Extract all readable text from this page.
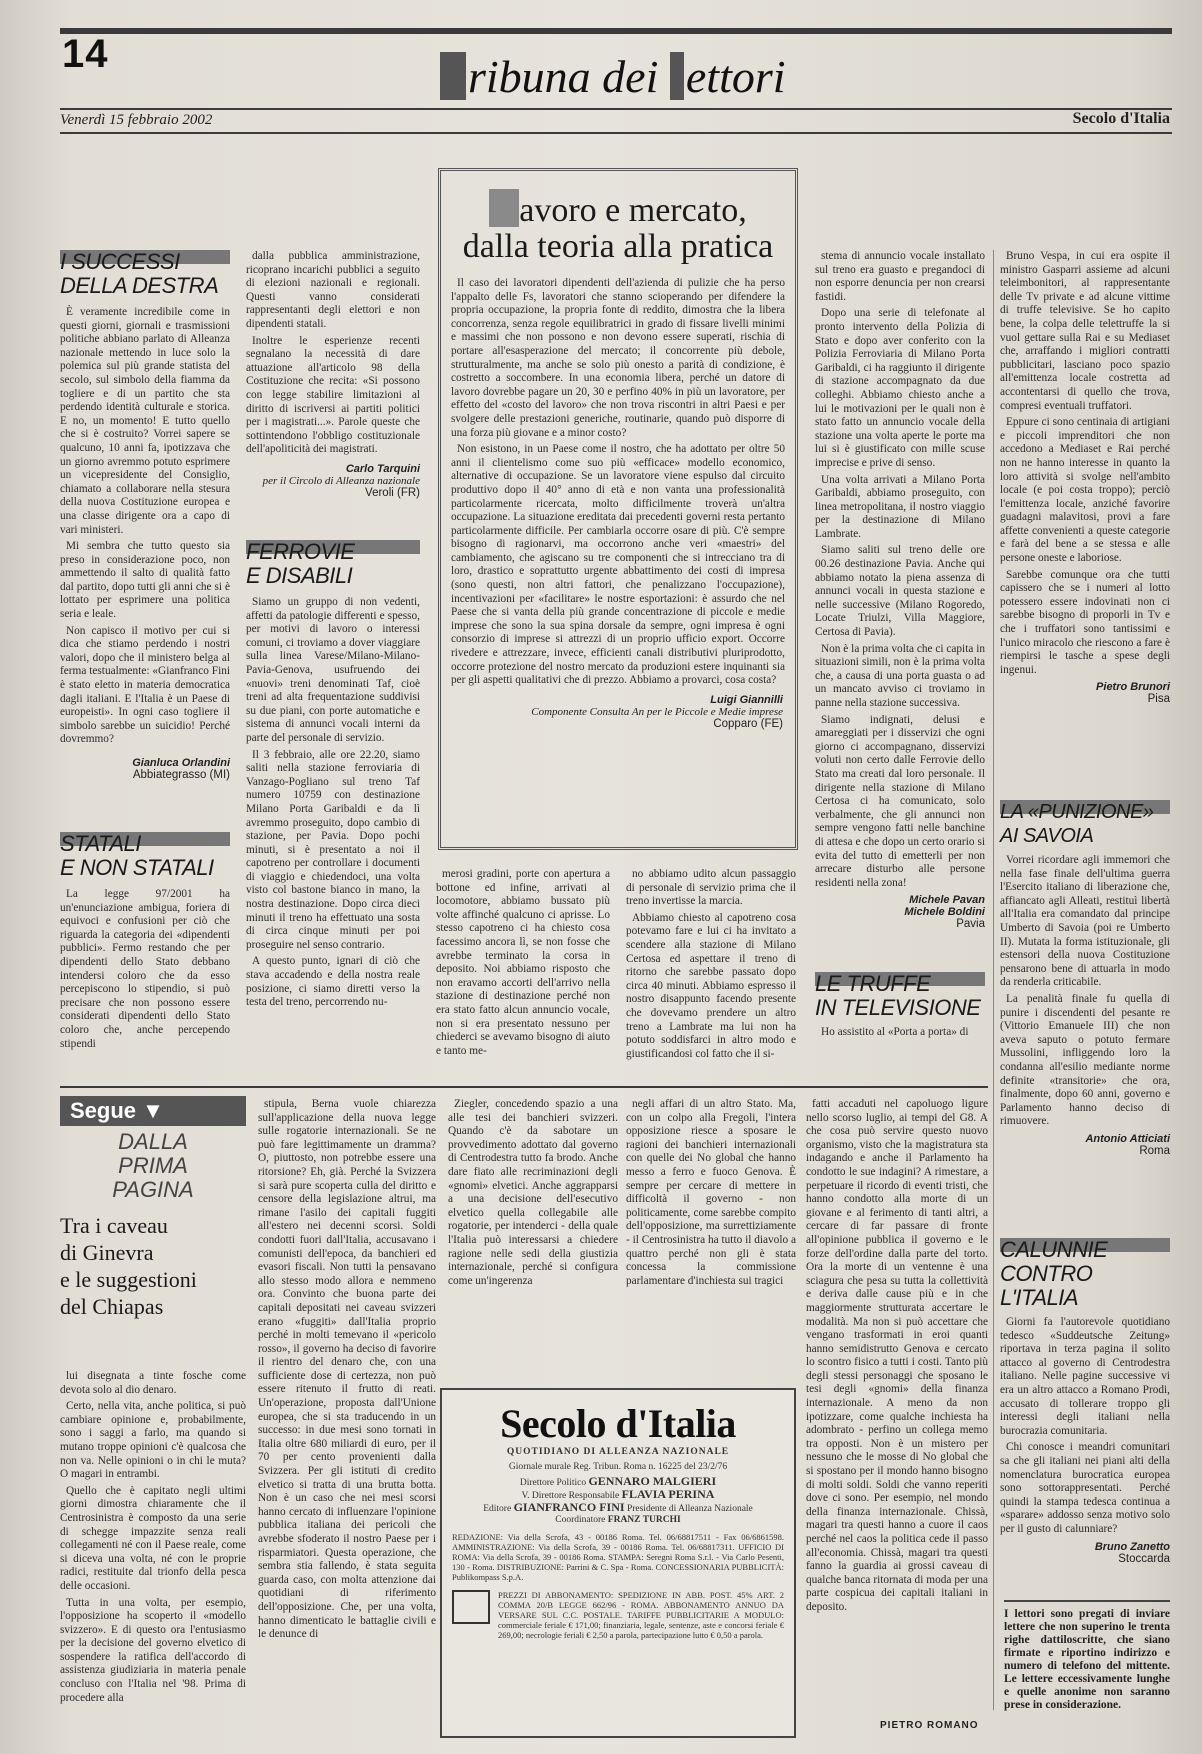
14	ribuna dei ettori
Venerdì 15 febbraio 2002	Secolo d'Italia
I SUCCESSI
DELLA DESTRA

È veramente incredibile come in questi giorni, giornali e trasmissioni politiche abbiano parlato di Alleanza nazionale mettendo in luce solo la polemica sul più grande statista del secolo, sul simbolo della fiamma da togliere e di un partito che sta perdendo identità culturale e storica. E no, un momento! E tutto quello che si è costruito? Vorrei sapere se qualcuno, 10 anni fa, ipotizzava che un giorno avremmo potuto esprimere un vicepresidente del Consiglio, chiamato a collaborare nella stesura della nuova Costituzione europea e una classe dirigente ora a capo di vari ministeri.

Mi sembra che tutto questo sia preso in considerazione poco, non ammettendo il salto di qualità fatto dal partito, dopo tutti gli anni che si è lottato per esprimere una politica seria e leale.

Non capisco il motivo per cui si dica che stiamo perdendo i nostri valori, dopo che il ministero belga al ferma testualmente: «Gianfranco Fini è stato eletto in materia democratica dagli italiani. E l'Italia è un Paese di europeisti». In ogni caso togliere il simbolo sarebbe un suicidio! Perché dovremmo?

Gianluca Orlandini
Abbiategrasso (MI)
STATALI
E NON STATALI

La legge 97/2001 ha un'enunciazione ambigua, foriera di equivoci e confusioni per ciò che riguarda la categoria dei «dipendenti pubblici». Fermo restando che per dipendenti dello Stato debbano intendersi coloro che da esso percepiscono lo stipendio, si può precisare che non possono essere considerati dipendenti dello Stato coloro che, anche percependo stipendi

dalla pubblica amministrazione, ricoprano incarichi pubblici a seguito di elezioni nazionali e regionali. Questi vanno considerati rappresentanti degli elettori e non dipendenti statali.

Inoltre le esperienze recenti segnalano la necessità di dare attuazione all'articolo 98 della Costituzione che recita: «Si possono con legge stabilire limitazioni al diritto di iscriversi ai partiti politici per i magistrati...». Parole queste che sottintendono l'obbligo costituzionale dell'apoliticità dei magistrati.

Carlo Tarquini
per il Circolo di Alleanza nazionale
Veroli (FR)
FERROVIE
E DISABILI

Siamo un gruppo di non vedenti, affetti da patologie differenti e spesso, per motivi di lavoro o interessi comuni, ci troviamo a dover viaggiare sulla linea Varese/Milano-Milano-Pavia-Genova, usufruendo dei «nuovi» treni denominati Taf, cioè treni ad alta frequentazione suddivisi su due piani, con porte automatiche e sistema di annunci vocali interni da parte del personale di servizio.

Il 3 febbraio, alle ore 22.20, siamo saliti nella stazione ferroviaria di Vanzago-Pogliano sul treno Taf numero 10759 con destinazione Milano Porta Garibaldi e da lì avremmo proseguito, dopo cambio di stazione, per Pavia. Dopo pochi minuti, si è presentato a noi il capotreno per controllare i documenti di viaggio e chiedendoci, una volta visto col bastone bianco in mano, la nostra destinazione. Dopo circa dieci minuti il treno ha effettuato una sosta di circa cinque minuti per poi proseguire nel senso contrario.

A questo punto, ignari di ciò che stava accadendo e della nostra reale posizione, ci siamo diretti verso la testa del treno, percorrendo nu-

avoro e mercato,
dalla teoria alla pratica

Il caso dei lavoratori dipendenti dell'azienda di pulizie che ha perso l'appalto delle Fs, lavoratori che stanno scioperando per difendere la propria occupazione, la propria fonte di reddito, dimostra che la libera concorrenza, senza regole equilibratrici in grado di fissare livelli minimi e massimi che non possono e non devono essere superati, rischia di portare all'esasperazione del mercato; il concorrente più debole, strutturalmente, ma anche se solo più onesto a parità di condizione, è costretto a soccombere. In una economia libera, perché un datore di lavoro dovrebbe pagare un 20, 30 e perfino 40% in più un lavoratore, per effetto del «costo del lavoro» che non trova riscontri in altri Paesi e per svolgere delle prestazioni generiche, routinarie, quando può disporre di una forza più giovane e a minor costo?

Non esistono, in un Paese come il nostro, che ha adottato per oltre 50 anni il clientelismo come suo più «efficace» modello economico, alternative di occupazione. Se un lavoratore viene espulso dal circuito produttivo dopo il 40° anno di età e non vanta una professionalità particolarmente ricercata, molto difficilmente troverà un'altra occupazione. La situazione ereditata dai precedenti governi resta pertanto particolarmente difficile. Per cambiarla occorre osare di più. C'è sempre bisogno di ragionarvi, ma occorrono anche veri «maestri» del cambiamento, che agiscano su tre componenti che si intrecciano tra di loro, drastico e soprattutto urgente abbattimento dei costi di impresa (sono questi, non altri fattori, che penalizzano l'occupazione), incentivazioni per «facilitare» le nostre esportazioni: è assurdo che nel Paese che si vanta della più grande concentrazione di piccole e medie imprese che sono la sua spina dorsale da sempre, ogni impresa è ogni consorzio di imprese si attrezzi di un proprio ufficio export. Occorre rivedere e attrezzare, invece, efficienti canali distributivi pluriprodotto, occorre protezione del nostro mercato da produzioni estere inquinanti sia per gli aspetti qualitativi che di prezzo. Abbiamo a provarci, cosa costa?

Luigi Giannilli
Componente Consulta An per le Piccole e Medie imprese
Copparo (FE)

merosi gradini, porte con apertura a bottone ed infine, arrivati al locomotore, abbiamo bussato più volte affinché qualcuno ci aprisse. Lo stesso capotreno ci ha chiesto cosa facessimo ancora lì, se non fosse che avrebbe terminato la corsa in deposito. Noi abbiamo risposto che non eravamo accorti dell'arrivo nella stazione di destinazione perché non era stato fatto alcun annuncio vocale, non si era presentato nessuno per chiederci se avevamo bisogno di aiuto e tanto me-

no abbiamo udito alcun passaggio di personale di servizio prima che il treno invertisse la marcia.

Abbiamo chiesto al capotreno cosa potevamo fare e lui ci ha invitato a scendere alla stazione di Milano Certosa ed aspettare il treno di ritorno che sarebbe passato dopo circa 40 minuti. Abbiamo espresso il nostro disappunto facendo presente che dovevamo prendere un altro treno a Lambrate ma lui non ha potuto soddisfarci in altro modo e giustificandosi col fatto che il si-

stema di annuncio vocale installato sul treno era guasto e pregandoci di non esporre denuncia per non crearsi fastidi.

Dopo una serie di telefonate al pronto intervento della Polizia di Stato e dopo aver conferito con la Polizia Ferroviaria di Milano Porta Garibaldi, ci ha raggiunto il dirigente di stazione accompagnato da due colleghi. Abbiamo chiesto anche a lui le motivazioni per le quali non è stato fatto un annuncio vocale della stazione una volta aperte le porte ma lui si è giustificato con mille scuse imprecise e prive di senso.

Una volta arrivati a Milano Porta Garibaldi, abbiamo proseguito, con linea metropolitana, il nostro viaggio per la destinazione di Milano Lambrate.

Siamo saliti sul treno delle ore 00.26 destinazione Pavia. Anche qui abbiamo notato la piena assenza di annunci vocali in questa stazione e nelle successive (Milano Rogoredo, Locate Triulzi, Villa Maggiore, Certosa di Pavia).

Non è la prima volta che ci capita in situazioni simili, non è la prima volta che, a causa di una porta guasta o ad un mancato avviso ci troviamo in panne nella stazione successiva.

Siamo indignati, delusi e amareggiati per i disservizi che ogni giorno ci accompagnano, disservizi voluti non certo dalle Ferrovie dello Stato ma creati dal loro personale. Il dirigente nella stazione di Milano Certosa ci ha comunicato, solo verbalmente, che gli annunci non sempre vengono fatti nelle banchine di attesa e che dopo un certo orario si evita del tutto di emetterli per non arrecare disturbo alle persone residenti nella zona!

Michele Pavan
Michele Boldini
Pavia
LE TRUFFE
IN TELEVISIONE

Ho assistito al «Porta a porta» di

Bruno Vespa, in cui era ospite il ministro Gasparri assieme ad alcuni teleimbonitori, al rappresentante delle Tv private e ad alcune vittime di truffe televisive. Se ho capito bene, la colpa delle telettruffe la si vuol gettare sulla Rai e su Mediaset che, arraffando i migliori contratti pubblicitari, lasciano poco spazio all'emittenza locale costretta ad accontentarsi di quello che trova, compresi eventuali truffatori.

Eppure ci sono centinaia di artigiani e piccoli imprenditori che non accedono a Mediaset e Rai perché non ne hanno interesse in quanto la loro attività si svolge nell'ambito locale (e poi costa troppo); perciò l'emittenza locale, anziché favorire guadagni malavitosi, provi a fare affette convenienti a queste categorie e farà del bene a se stessa e alle persone oneste e laboriose.

Sarebbe comunque ora che tutti capissero che se i numeri al lotto potessero essere indovinati non ci sarebbe bisogno di proporli in Tv e che i truffatori sono tantissimi e l'unico miracolo che riescono a fare è riempirsi le tasche a spese degli ingenui.

Pietro Brunori
Pisa
LA «PUNIZIONE»
AI SAVOIA

Vorrei ricordare agli immemori che nella fase finale dell'ultima guerra l'Esercito italiano di liberazione che, affiancato agli Alleati, restituì libertà all'Italia era comandato dal principe Umberto di Savoia (poi re Umberto II). Mutata la forma istituzionale, gli estensori della nuova Costituzione pensarono bene di attuarla in modo da renderla criticabile.

La penalità finale fu quella di punire i discendenti del pesante re (Vittorio Emanuele III) che non aveva saputo o potuto fermare Mussolini, infliggendo loro la condanna all'esilio mediante norme definite «transitorie» che ora, finalmente, dopo 60 anni, governo e Parlamento hanno deciso di rimuovere.

Antonio Atticiati
Roma
CALUNNIE
CONTRO L'ITALIA

Giorni fa l'autorevole quotidiano tedesco «Suddeutsche Zeitung» riportava in terza pagina il solito attacco al governo di Centrodestra italiano. Nelle pagine successive vi era un altro attacco a Romano Prodi, accusato di tollerare troppo gli interessi degli italiani nella burocrazia comunitaria.

Chi conosce i meandri comunitari sa che gli italiani nei piani alti della nomenclatura burocratica europea sono sottorappresentati. Perché quindi la stampa tedesca continua a «sparare» addosso senza motivo solo per il gusto di calunniare?

Bruno Zanetto
Stoccarda
I lettori sono pregati di inviare lettere che non superino le trenta righe dattiloscritte, che siano firmate e riportino indirizzo e numero di telefono del mittente. Le lettere eccessivamente lunghe e quelle anonime non saranno prese in considerazione.
Segue ▼
DALLA
PRIMA
PAGINA
Tra i caveau
di Ginevra
e le suggestioni
del Chiapas

lui disegnata a tinte fosche come devota solo al dio denaro.

Certo, nella vita, anche politica, si può cambiare opinione e, probabilmente, sono i saggi a farlo, ma quando si mutano troppe opinioni c'è qualcosa che non va. Nelle opinioni o in chi le muta? O magari in entrambi.

Quello che è capitato negli ultimi giorni dimostra chiaramente che il Centrosinistra è composto da una serie di schegge impazzite senza reali collegamenti né con il Paese reale, come si diceva una volta, né con le proprie radici, restituite dal trionfo della pesca delle occasioni.

Tutta in una volta, per esempio, l'opposizione ha scoperto il «modello svizzero». E di questo ora l'entusiasmo per la decisione del governo elvetico di sospendere la ratifica dell'accordo di assistenza giudiziaria in materia penale concluso con l'Italia nel '98. Prima di procedere alla

stipula, Berna vuole chiarezza sull'applicazione della nuova legge sulle rogatorie internazionali. Se ne può fare legittimamente un dramma? O, piuttosto, non potrebbe essere una ritorsione? Eh, già. Perché la Svizzera si sarà pure scoperta culla del diritto e censore della legislazione altrui, ma rimane l'asilo dei capitali fuggiti all'estero nei decenni scorsi. Soldi condotti fuori dall'Italia, accusavano i comunisti dell'epoca, da banchieri ed evasori fiscali. Non tutti la pensavano allo stesso modo allora e nemmeno ora. Convinto che buona parte dei capitali depositati nei caveau svizzeri erano «fuggiti» dall'Italia proprio perché in molti temevano il «pericolo rosso», il governo ha deciso di favorire il rientro del denaro che, con una sufficiente dose di certezza, non può essere ritenuto il frutto di reati. Un'operazione, proposta dall'Unione europea, che si sta traducendo in un successo: in due mesi sono tornati in Italia oltre 680 miliardi di euro, per il 70 per cento provenienti dalla Svizzera. Per gli istituti di credito elvetico si tratta di una brutta botta. Non è un caso che nei mesi scorsi hanno cercato di influenzare l'opinione pubblica italiana dei pericoli che avrebbe sfoderato il nostro Paese per i risparmiatori. Questa operazione, che sembra stia fallendo, è stata seguita guarda caso, con molta attenzione dai quotidiani di riferimento dell'opposizione. Che, per una volta, hanno dimenticato le battaglie civili e le denunce di

Ziegler, concedendo spazio a una alle tesi dei banchieri svizzeri. Quando c'è da sabotare un provvedimento adottato dal governo di Centrodestra tutto fa brodo. Anche dare fiato alle recriminazioni degli «gnomi» elvetici. Anche aggrapparsi a una decisione dell'esecutivo elvetico quella collegabile alle rogatorie, per intenderci - della quale l'Italia può interessarsi a chiedere ragione nelle sedi della giustizia internazionale, perché si configura come un'ingerenza

negli affari di un altro Stato. Ma, con un colpo alla Fregoli, l'intera opposizione riesce a sposare le ragioni dei banchieri internazionali con quelle dei No global che hanno messo a ferro e fuoco Genova. È sempre per cercare di mettere in difficoltà il governo - non politicamente, come sarebbe compito dell'opposizione, ma surrettiziamente - il Centrosinistra ha tutto il diavolo a quattro perché non gli è stata concessa la commissione parlamentare d'inchiesta sui tragici

fatti accaduti nel capoluogo ligure nello scorso luglio, ai tempi del G8. A che cosa può servire questo nuovo organismo, visto che la magistratura sta indagando e anche il Parlamento ha condotto le sue indagini? A rimestare, a perpetuare il ricordo di eventi tristi, che hanno condotto alla morte di un giovane e al ferimento di tanti altri, a cercare di far passare di fronte all'opinione pubblica il governo e le forze dell'ordine dalla parte del torto. Ora la morte di un ventenne è una sciagura che pesa su tutta la collettività e deriva dalle cause più e in che maggiormente strutturata accertare le modalità. Ma non si può accettare che vengano trasformati in eroi quanti hanno semidistrutto Genova e cercato lo scontro fisico a tutti i costi. Tanto più degli stessi personaggi che sposano le tesi degli «gnomi» della finanza internazionale. A meno da non ipotizzare, come qualche inchiesta ha adombrato - perfino un collega memo tra opposti. Non è un mistero per nessuno che le mosse di No global che si spostano per il mondo hanno bisogno di molti soldi. Soldi che vanno reperiti dove ci sono. Per esempio, nel mondo della finanza internazionale. Chissà, magari tra questi hanno a cuore il caos perché nel caos la politica cede il passo all'economia. Chissà, magari tra questi fanno la guardia ai grossi caveau di qualche banca ritornata di moda per una parte cospicua dei capitali italiani in deposito.

PIETRO ROMANO
Secolo d'Italia
QUOTIDIANO DI ALLEANZA NAZIONALE
Giornale murale Reg. Tribun. Roma n. 16225 del 23/2/76
Direttore Politico GENNARO MALGIERI
V. Direttore Responsabile FLAVIA PERINA
Editore GIANFRANCO FINI Presidente di Alleanza Nazionale
Coordinatore FRANZ TURCHI
REDAZIONE: Via della Scrofa, 43 - 00186 Roma. Tel. 06/68817511 - Fax 06/6861598. AMMINISTRAZIONE: Via della Scrofa, 39 - 00186 Roma. Tel. 06/68817311. UFFICIO DI ROMA: Via della Scrofa, 39 - 00186 Roma. STAMPA: Seregni Roma S.r.l. - Via Carlo Pesenti, 130 - Roma. DISTRIBUZIONE: Parrini & C. Spa - Roma. CONCESSIONARIA PUBBLICITÀ: Publikompass S.p.A.
PREZZI DI ABBONAMENTO: SPEDIZIONE IN ABB. POST. 45% ART. 2 COMMA 20/B LEGGE 662/96 - ROMA. ABBONAMENTO ANNUO DA VERSARE SUL C.C. POSTALE. TARIFFE PUBBLICITARIE A MODULO: commerciale feriale € 171,00; finanziaria, legale, sentenze, aste e concorsi feriale € 269,00; necrologie feriali € 2,50 a parola, partecipazione lutto € 0,50 a parola.
